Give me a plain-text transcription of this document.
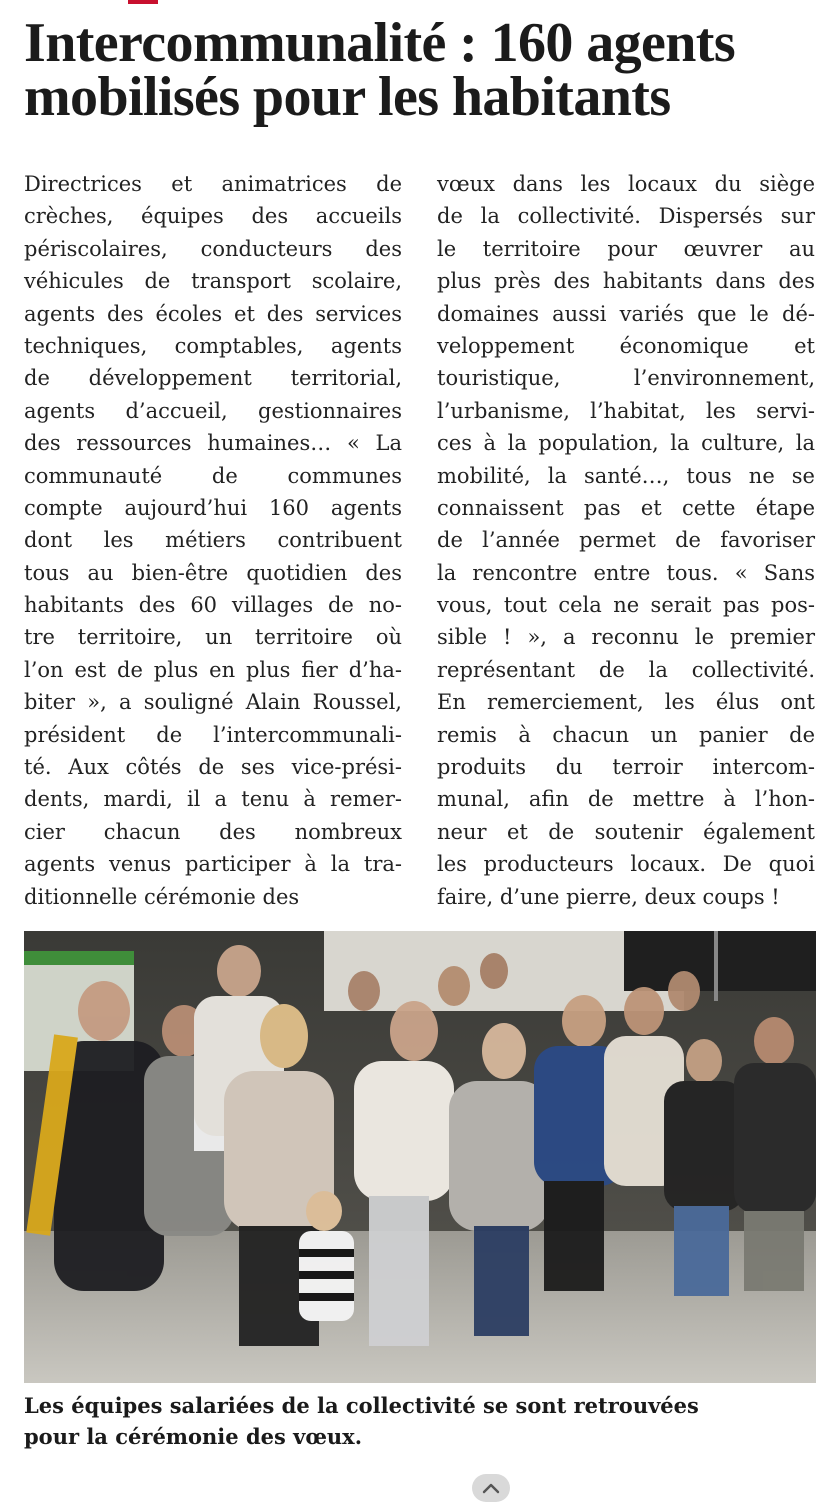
Intercommunalité : 160 agents
mobilisés pour les habitants
Directrices et animatrices de
crèches, équipes des accueils
périscolaires, conducteurs des
véhicules de transport scolaire,
agents des écoles et des services
techniques, comptables, agents
de développement territorial,
agents d’accueil, gestionnaires
des ressources humaines… « La
communauté de communes
compte aujourd’hui 160 agents
dont les métiers contribuent
tous au bien-être quotidien des
habitants des 60 villages de no-
tre territoire, un territoire où
l’on est de plus en plus fier d’ha-
biter », a souligné Alain Roussel,
président de l’intercommunali-
té. Aux côtés de ses vice-prési-
dents, mardi, il a tenu à remer-
cier chacun des nombreux
agents venus participer à la tra-
ditionnelle cérémonie des
vœux dans les locaux du siège
de la collectivité. Dispersés sur
le territoire pour œuvrer au
plus près des habitants dans des
domaines aussi variés que le dé-
veloppement économique et
touristique, l’environnement,
l’urbanisme, l’habitat, les servi-
ces à la population, la culture, la
mobilité, la santé…, tous ne se
connaissent pas et cette étape
de l’année permet de favoriser
la rencontre entre tous. « Sans
vous, tout cela ne serait pas pos-
sible ! », a reconnu le premier
représentant de la collectivité.
En remerciement, les élus ont
remis à chacun un panier de
produits du terroir intercom-
munal, afin de mettre à l’hon-
neur et de soutenir également
les producteurs locaux. De quoi
faire, d’une pierre, deux coups !
Les équipes salariées de la collectivité se sont retrouvées
pour la cérémonie des vœux.
